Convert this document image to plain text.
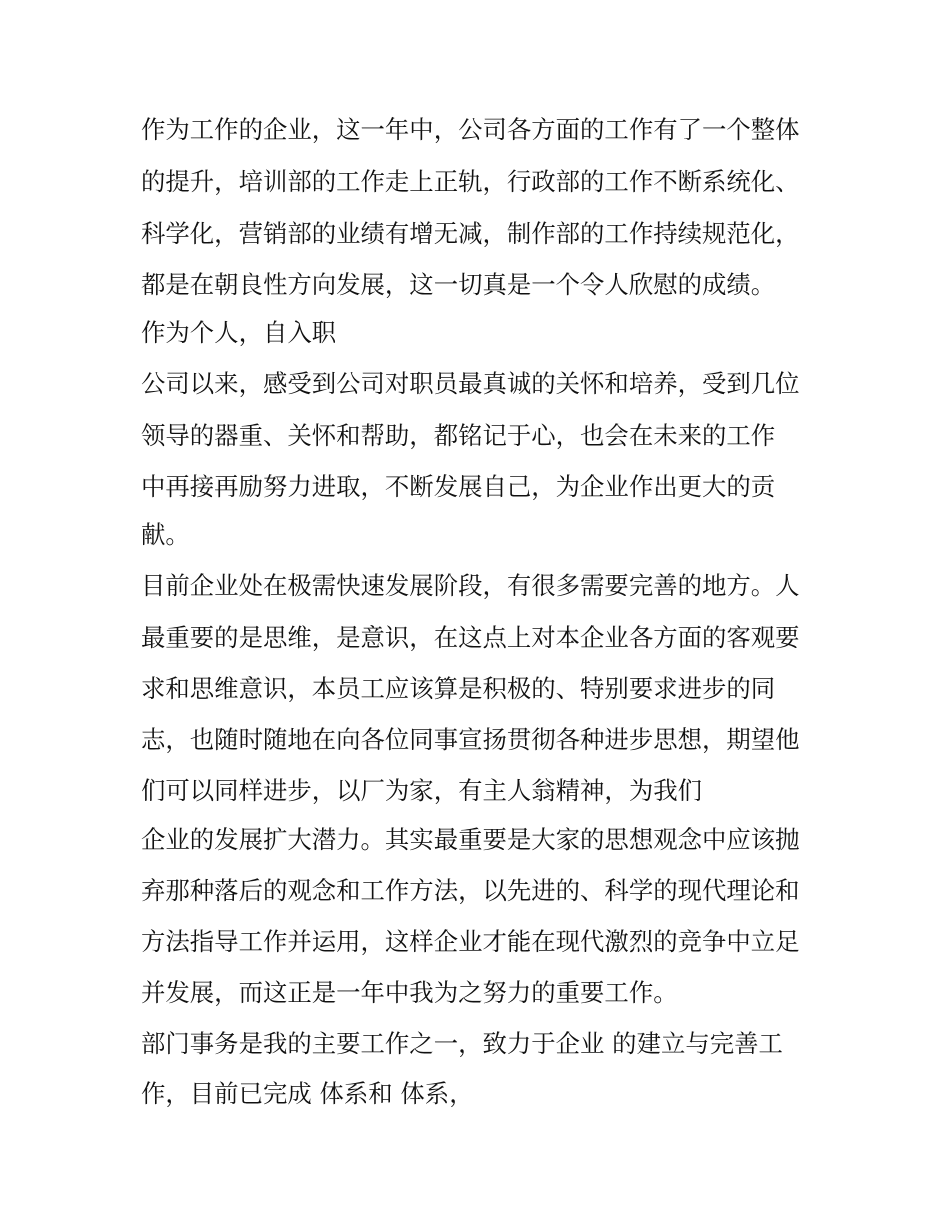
作为工作的企业，这一年中，公司各方面的工作有了一个整体
的提升，培训部的工作走上正轨，行政部的工作不断系统化、
科学化，营销部的业绩有增无减，制作部的工作持续规范化，
都是在朝良性方向发展，这一切真是一个令人欣慰的成绩。
作为个人，自入职
公司以来，感受到公司对职员最真诚的关怀和培养，受到几位
领导的器重、关怀和帮助，都铭记于心，也会在未来的工作
中再接再励努力进取，不断发展自己，为企业作出更大的贡
献。
目前企业处在极需快速发展阶段，有很多需要完善的地方。人
最重要的是思维，是意识，在这点上对本企业各方面的客观要
求和思维意识，本员工应该算是积极的、特别要求进步的同
志，也随时随地在向各位同事宣扬贯彻各种进步思想，期望他
们可以同样进步，以厂为家，有主人翁精神，为我们
企业的发展扩大潜力。其实最重要是大家的思想观念中应该抛
弃那种落后的观念和工作方法，以先进的、科学的现代理论和
方法指导工作并运用，这样企业才能在现代激烈的竞争中立足
并发展，而这正是一年中我为之努力的重要工作。
部门事务是我的主要工作之一，致力于企业 的建立与完善工
作，目前已完成 体系和 体系，
